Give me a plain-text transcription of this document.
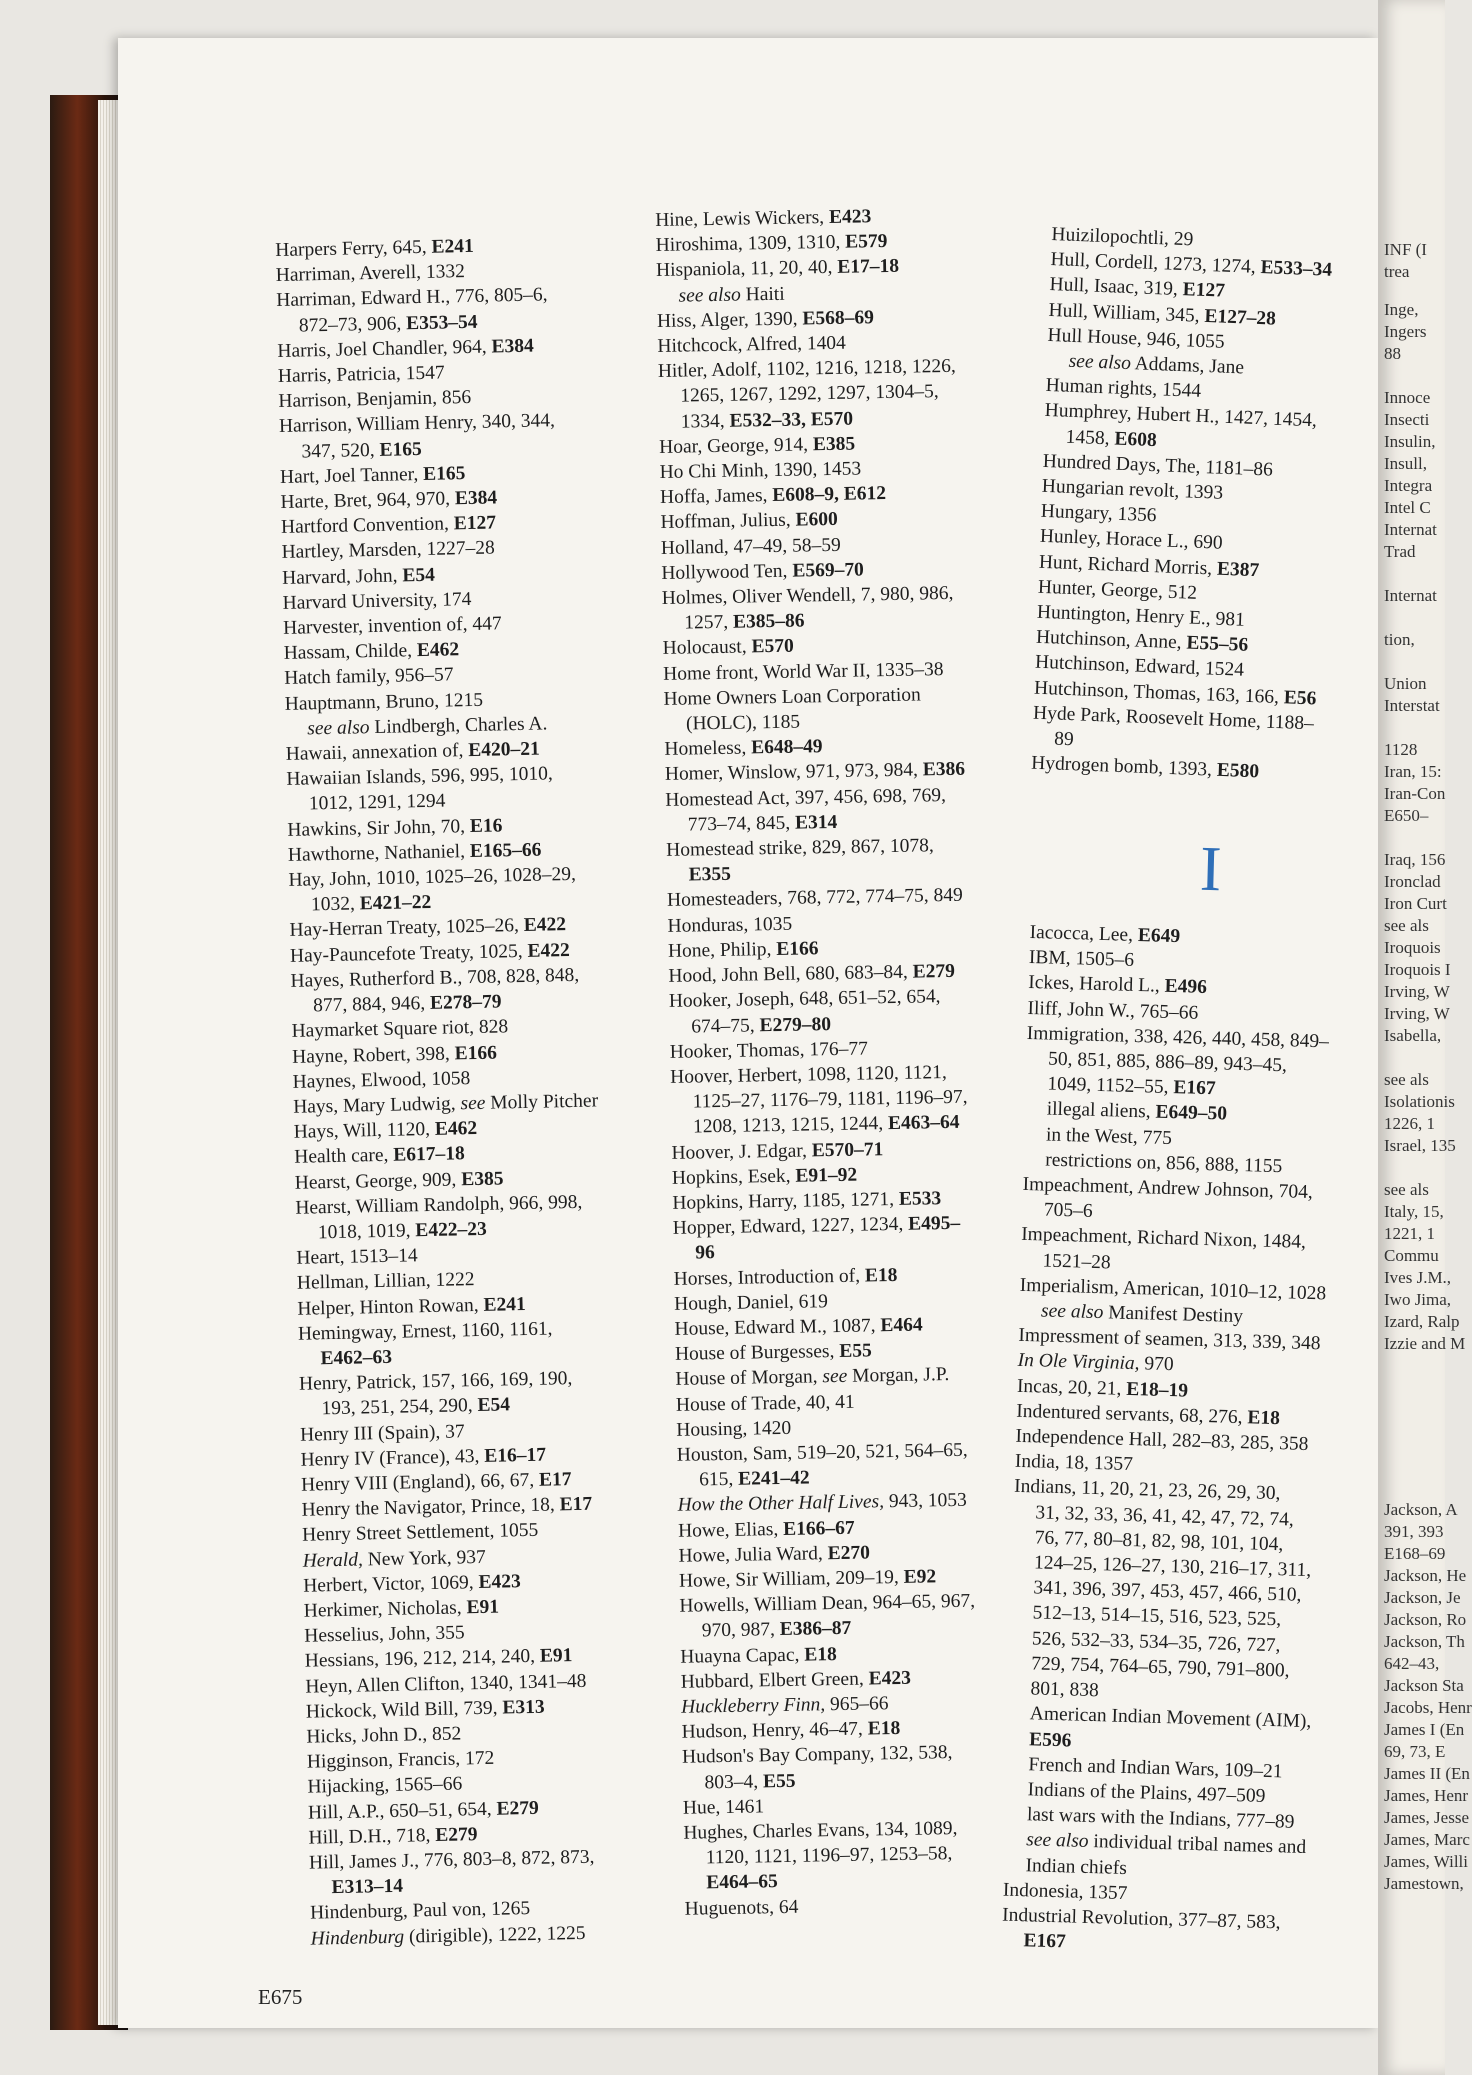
Harpers Ferry, 645, E241
Harriman, Averell, 1332
Harriman, Edward H., 776, 805–6,
872–73, 906, E353–54
Harris, Joel Chandler, 964, E384
Harris, Patricia, 1547
Harrison, Benjamin, 856
Harrison, William Henry, 340, 344,
347, 520, E165
Hart, Joel Tanner, E165
Harte, Bret, 964, 970, E384
Hartford Convention, E127
Hartley, Marsden, 1227–28
Harvard, John, E54
Harvard University, 174
Harvester, invention of, 447
Hassam, Childe, E462
Hatch family, 956–57
Hauptmann, Bruno, 1215
see also Lindbergh, Charles A.
Hawaii, annexation of, E420–21
Hawaiian Islands, 596, 995, 1010,
1012, 1291, 1294
Hawkins, Sir John, 70, E16
Hawthorne, Nathaniel, E165–66
Hay, John, 1010, 1025–26, 1028–29,
1032, E421–22
Hay-Herran Treaty, 1025–26, E422
Hay-Pauncefote Treaty, 1025, E422
Hayes, Rutherford B., 708, 828, 848,
877, 884, 946, E278–79
Haymarket Square riot, 828
Hayne, Robert, 398, E166
Haynes, Elwood, 1058
Hays, Mary Ludwig, see Molly Pitcher
Hays, Will, 1120, E462
Health care, E617–18
Hearst, George, 909, E385
Hearst, William Randolph, 966, 998,
1018, 1019, E422–23
Heart, 1513–14
Hellman, Lillian, 1222
Helper, Hinton Rowan, E241
Hemingway, Ernest, 1160, 1161,
E462–63
Henry, Patrick, 157, 166, 169, 190,
193, 251, 254, 290, E54
Henry III (Spain), 37
Henry IV (France), 43, E16–17
Henry VIII (England), 66, 67, E17
Henry the Navigator, Prince, 18, E17
Henry Street Settlement, 1055
Herald, New York, 937
Herbert, Victor, 1069, E423
Herkimer, Nicholas, E91
Hesselius, John, 355
Hessians, 196, 212, 214, 240, E91
Heyn, Allen Clifton, 1340, 1341–48
Hickock, Wild Bill, 739, E313
Hicks, John D., 852
Higginson, Francis, 172
Hijacking, 1565–66
Hill, A.P., 650–51, 654, E279
Hill, D.H., 718, E279
Hill, James J., 776, 803–8, 872, 873,
E313–14
Hindenburg, Paul von, 1265
Hindenburg (dirigible), 1222, 1225
Hine, Lewis Wickers, E423
Hiroshima, 1309, 1310, E579
Hispaniola, 11, 20, 40, E17–18
see also Haiti
Hiss, Alger, 1390, E568–69
Hitchcock, Alfred, 1404
Hitler, Adolf, 1102, 1216, 1218, 1226,
1265, 1267, 1292, 1297, 1304–5,
1334, E532–33, E570
Hoar, George, 914, E385
Ho Chi Minh, 1390, 1453
Hoffa, James, E608–9, E612
Hoffman, Julius, E600
Holland, 47–49, 58–59
Hollywood Ten, E569–70
Holmes, Oliver Wendell, 7, 980, 986,
1257, E385–86
Holocaust, E570
Home front, World War II, 1335–38
Home Owners Loan Corporation
(HOLC), 1185
Homeless, E648–49
Homer, Winslow, 971, 973, 984, E386
Homestead Act, 397, 456, 698, 769,
773–74, 845, E314
Homestead strike, 829, 867, 1078,
E355
Homesteaders, 768, 772, 774–75, 849
Honduras, 1035
Hone, Philip, E166
Hood, John Bell, 680, 683–84, E279
Hooker, Joseph, 648, 651–52, 654,
674–75, E279–80
Hooker, Thomas, 176–77
Hoover, Herbert, 1098, 1120, 1121,
1125–27, 1176–79, 1181, 1196–97,
1208, 1213, 1215, 1244, E463–64
Hoover, J. Edgar, E570–71
Hopkins, Esek, E91–92
Hopkins, Harry, 1185, 1271, E533
Hopper, Edward, 1227, 1234, E495–
96
Horses, Introduction of, E18
Hough, Daniel, 619
House, Edward M., 1087, E464
House of Burgesses, E55
House of Morgan, see Morgan, J.P.
House of Trade, 40, 41
Housing, 1420
Houston, Sam, 519–20, 521, 564–65,
615, E241–42
How the Other Half Lives, 943, 1053
Howe, Elias, E166–67
Howe, Julia Ward, E270
Howe, Sir William, 209–19, E92
Howells, William Dean, 964–65, 967,
970, 987, E386–87
Huayna Capac, E18
Hubbard, Elbert Green, E423
Huckleberry Finn, 965–66
Hudson, Henry, 46–47, E18
Hudson's Bay Company, 132, 538,
803–4, E55
Hue, 1461
Hughes, Charles Evans, 134, 1089,
1120, 1121, 1196–97, 1253–58,
E464–65
Huguenots, 64
Huizilopochtli, 29
Hull, Cordell, 1273, 1274, E533–34
Hull, Isaac, 319, E127
Hull, William, 345, E127–28
Hull House, 946, 1055
see also Addams, Jane
Human rights, 1544
Humphrey, Hubert H., 1427, 1454,
1458, E608
Hundred Days, The, 1181–86
Hungarian revolt, 1393
Hungary, 1356
Hunley, Horace L., 690
Hunt, Richard Morris, E387
Hunter, George, 512
Huntington, Henry E., 981
Hutchinson, Anne, E55–56
Hutchinson, Edward, 1524
Hutchinson, Thomas, 163, 166, E56
Hyde Park, Roosevelt Home, 1188–
89
Hydrogen bomb, 1393, E580
I
Iacocca, Lee, E649
IBM, 1505–6
Ickes, Harold L., E496
Iliff, John W., 765–66
Immigration, 338, 426, 440, 458, 849–
50, 851, 885, 886–89, 943–45,
1049, 1152–55, E167
illegal aliens, E649–50
in the West, 775
restrictions on, 856, 888, 1155
Impeachment, Andrew Johnson, 704,
705–6
Impeachment, Richard Nixon, 1484,
1521–28
Imperialism, American, 1010–12, 1028
see also Manifest Destiny
Impressment of seamen, 313, 339, 348
In Ole Virginia, 970
Incas, 20, 21, E18–19
Indentured servants, 68, 276, E18
Independence Hall, 282–83, 285, 358
India, 18, 1357
Indians, 11, 20, 21, 23, 26, 29, 30,
31, 32, 33, 36, 41, 42, 47, 72, 74,
76, 77, 80–81, 82, 98, 101, 104,
124–25, 126–27, 130, 216–17, 311,
341, 396, 397, 453, 457, 466, 510,
512–13, 514–15, 516, 523, 525,
526, 532–33, 534–35, 726, 727,
729, 754, 764–65, 790, 791–800,
801, 838
American Indian Movement (AIM),
E596
French and Indian Wars, 109–21
Indians of the Plains, 497–509
last wars with the Indians, 777–89
see also individual tribal names and
Indian chiefs
Indonesia, 1357
Industrial Revolution, 377–87, 583,
E167
E675
INF (I
trea
Inge,
Ingers
88
Innoce
Insecti
Insulin,
Insull,
Integra
Intel C
Internat
Trad
Internat
tion,
Union
Interstat
1128
Iran, 15:
Iran-Con
E650–
Iraq, 156
Ironclad
Iron Curt
see als
Iroquois
Iroquois I
Irving, W
Irving, W
Isabella,
see als
Isolationis
1226, 1
Israel, 135
see als
Italy, 15,
1221, 1
Commu
Ives J.M.,
Iwo Jima,
Izard, Ralp
Izzie and M
Jackson, A
391, 393
E168–69
Jackson, He
Jackson, Je
Jackson, Ro
Jackson, Th
642–43,
Jackson Sta
Jacobs, Henr
James I (En
69, 73, E
James II (En
James, Henr
James, Jesse
James, Marc
James, Willi
Jamestown,
